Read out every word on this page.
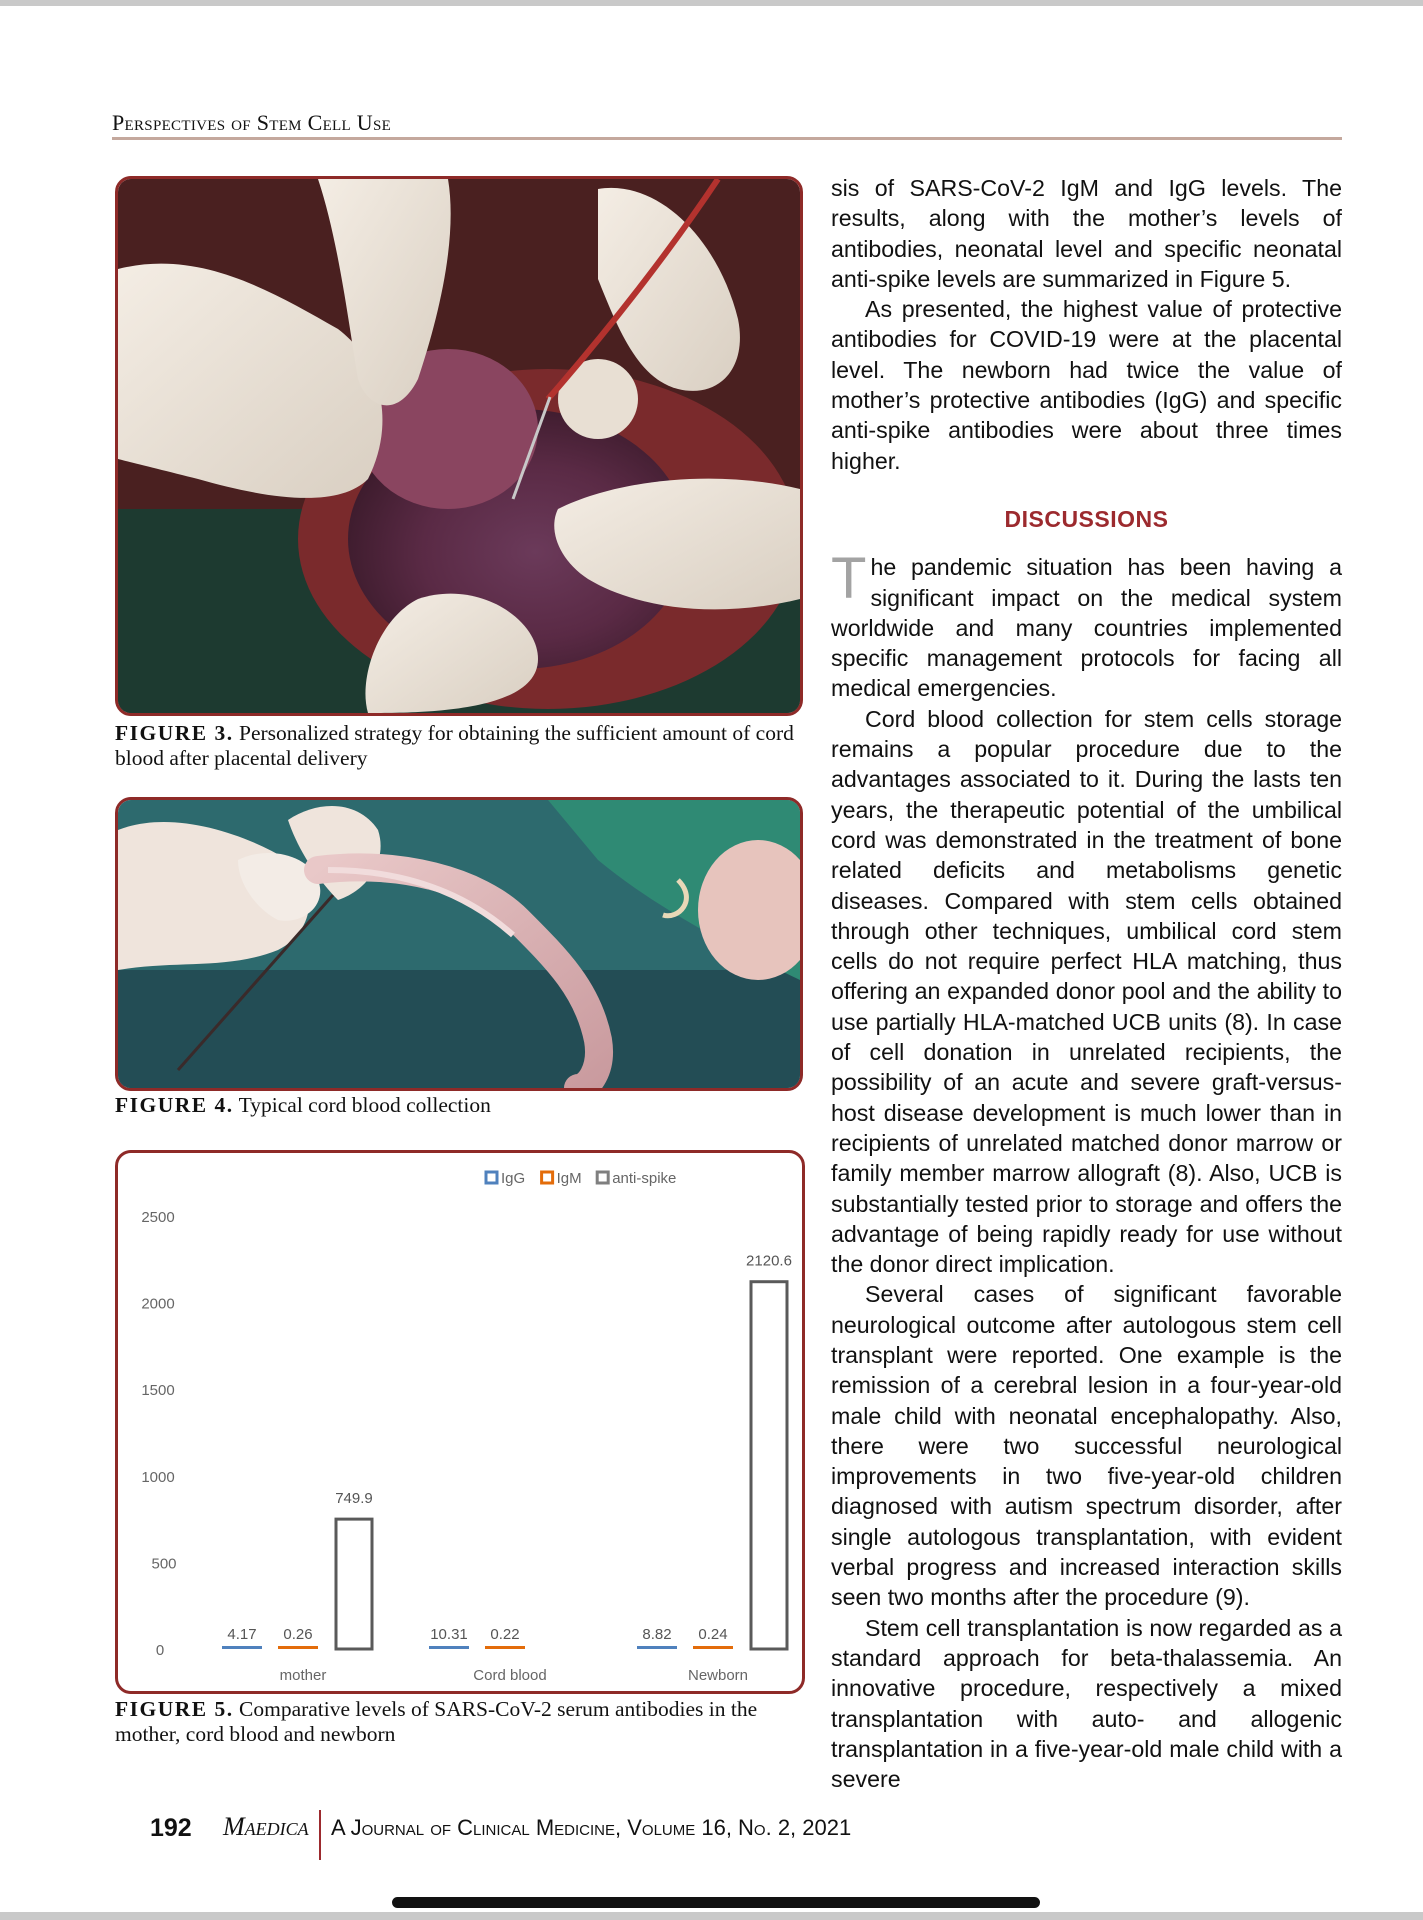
Perspectives of Stem Cell Use
FIGURE 3. Personalized strategy for obtaining the sufficient amount of cord blood after placental delivery
FIGURE 4. Typical cord blood collection
0
500
1000
1500
2000
2500
mother
4.17 0.26
749.9
Cord blood
10.31 0.22
Newborn
8.82 0.24
2120.6
IgG IgM anti-spike
FIGURE 5. Comparative levels of SARS-CoV-2 serum antibodies in the mother, cord blood and newborn

sis of SARS-CoV-2 IgM and IgG levels. The results, along with the mother’s levels of antibodies, neonatal level and specific neonatal anti-spike levels are summarized in Figure 5.

As presented, the highest value of protective antibodies for COVID-19 were at the placental level. The newborn had twice the value of mother’s protective antibodies (IgG) and specific anti-spike antibodies were about three times higher.

DISCUSSIONS

The pandemic situation has been having a significant impact on the medical system worldwide and many countries implemented specific management protocols for facing all medical emergencies.

Cord blood collection for stem cells storage remains a popular procedure due to the advantages associated to it. During the lasts ten years, the therapeutic potential of the umbilical cord was demonstrated in the treatment of bone related deficits and metabolisms genetic diseases. Compared with stem cells obtained through other techniques, umbilical cord stem cells do not require perfect HLA matching, thus offering an expanded donor pool and the ability to use partially HLA-matched UCB units (8). In case of cell donation in unrelated recipients, the possibility of an acute and severe graft-versus-host disease development is much lower than in recipients of unrelated matched donor marrow or family member marrow allograft (8). Also, UCB is substantially tested prior to storage and offers the advantage of being rapidly ready for use without the donor direct implication.

Several cases of significant favorable neurological outcome after autologous stem cell transplant were reported. One example is the remission of a cerebral lesion in a four-year-old male child with neonatal encephalopathy. Also, there were two successful neurological improvements in two five-year-old children diagnosed with autism spectrum disorder, after single autologous transplantation, with evident verbal progress and increased interaction skills seen two months after the procedure (9).

Stem cell transplantation is now regarded as a standard approach for beta-thalassemia. An innovative procedure, respectively a mixed transplantation with auto- and allogenic transplantation in a five-year-old male child with a severe

192 Maedica A Journal of Clinical Medicine, Volume 16, No. 2, 2021
